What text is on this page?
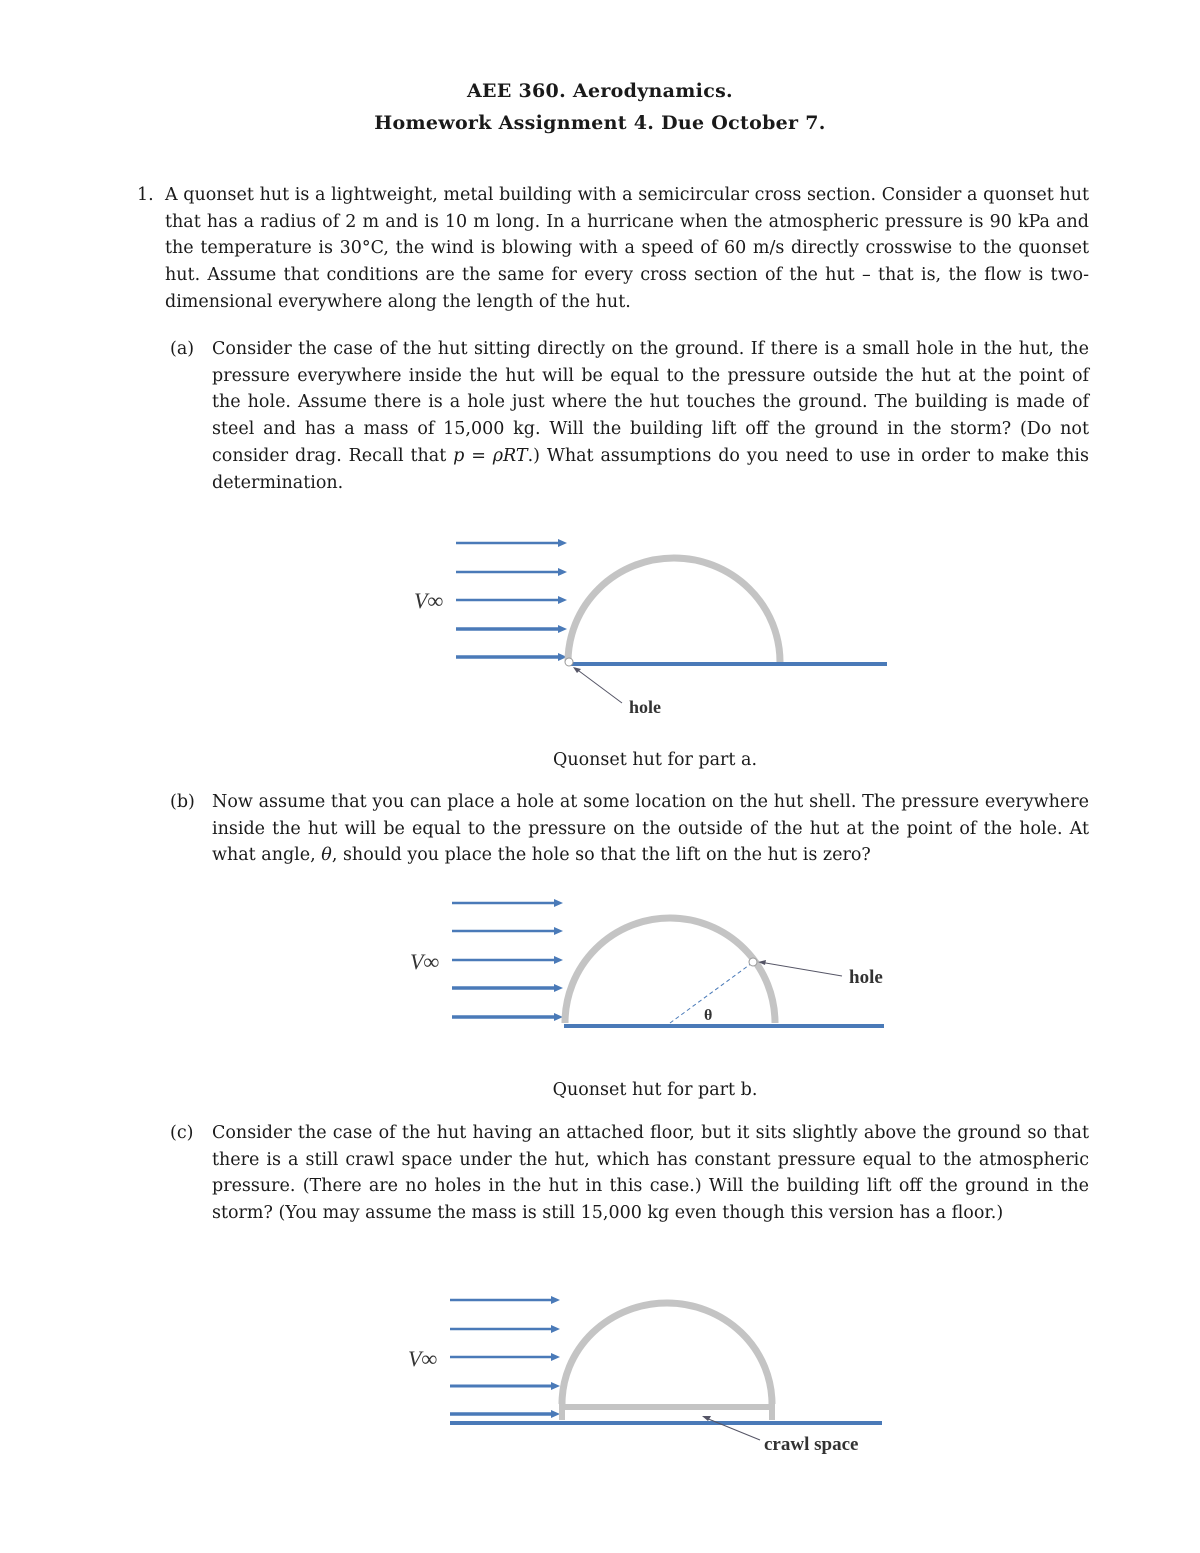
AEE 360. Aerodynamics.
Homework Assignment 4. Due October 7.
1. A quonset hut is a lightweight, metal building with a semicircular cross section. Consider a quonset hut that has a radius of 2 m and is 10 m long. In a hurricane when the atmospheric pressure is 90 kPa and the temperature is 30°C, the wind is blowing with a speed of 60 m/s directly crosswise to the quonset hut. Assume that conditions are the same for every cross section of the hut – that is, the flow is two-dimensional everywhere along the length of the hut.

(a) Consider the case of the hut sitting directly on the ground. If there is a small hole in the hut, the pressure everywhere inside the hut will be equal to the pressure outside the hut at the point of the hole. Assume there is a hole just where the hut touches the ground. The building is made of steel and has a mass of 15,000 kg. Will the building lift off the ground in the storm? (Do not consider drag. Recall that p = ρRT.) What assumptions do you need to use in order to make this determination.

hole
V∞
Quonset hut for part a.
(b) Now assume that you can place a hole at some location on the hut shell. The pressure everywhere inside the hut will be equal to the pressure on the outside of the hut at the point of the hole. At what angle, θ, should you place the hole so that the lift on the hut is zero?

hole
θ
V∞
Quonset hut for part b.
(c) Consider the case of the hut having an attached floor, but it sits slightly above the ground so that there is a still crawl space under the hut, which has constant pressure equal to the atmospheric pressure. (There are no holes in the hut in this case.) Will the building lift off the ground in the storm? (You may assume the mass is still 15,000 kg even though this version has a floor.)

crawl space
V∞
